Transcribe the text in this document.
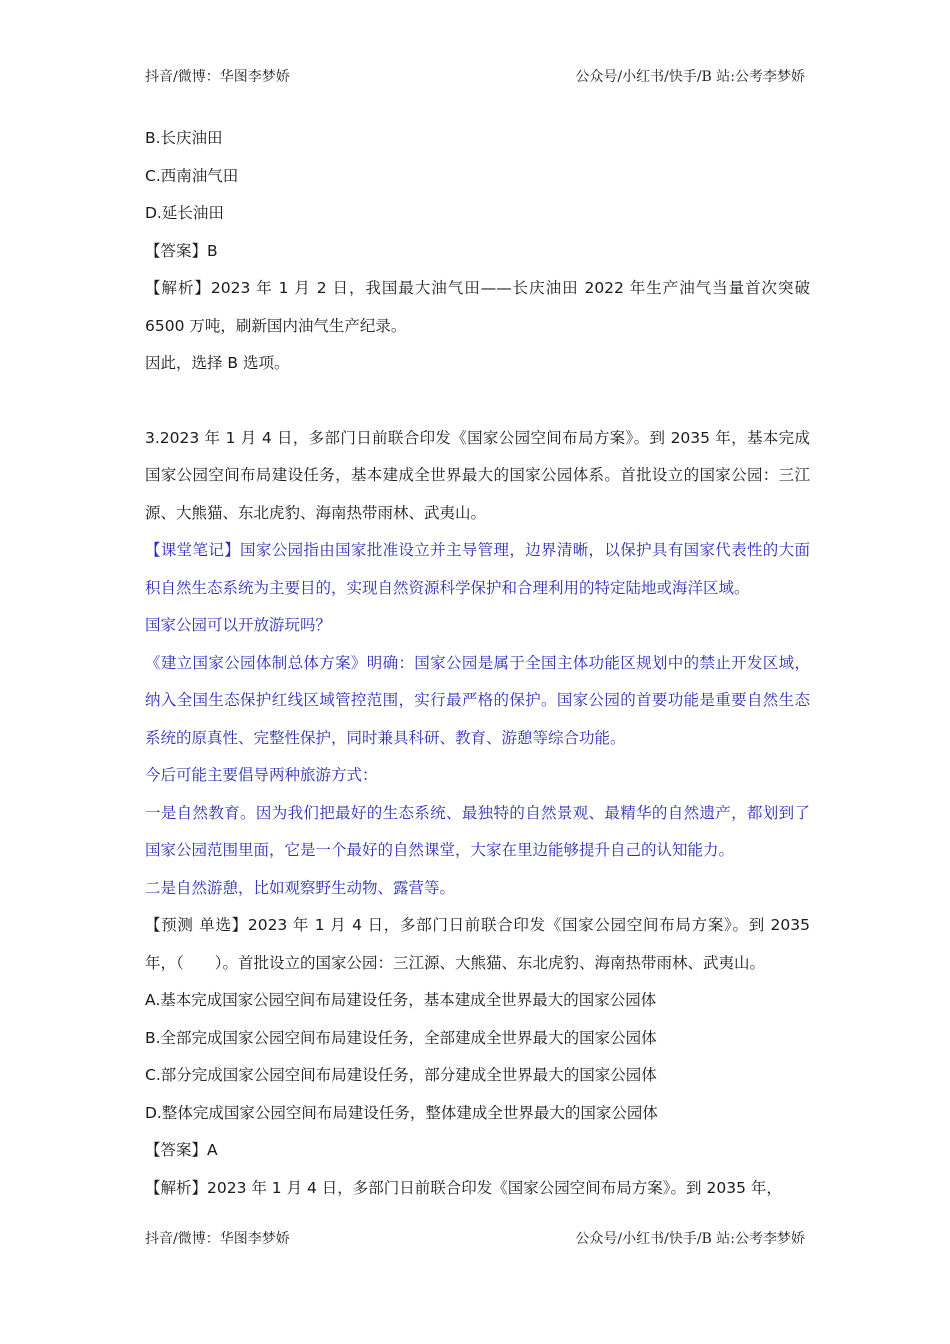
抖音/微博：华图李梦娇	公众号/小红书/快手/B 站:公考李梦娇

B.长庆油田

C.西南油气田

D.延长油田

【答案】B

【解析】2023 年 1 月 2 日，我国最大油气田——长庆油田 2022 年生产油气当量首次突破 6500 万吨，刷新国内油气生产纪录。

因此，选择 B 选项。

3.2023 年 1 月 4 日，多部门日前联合印发《国家公园空间布局方案》。到 2035 年，基本完成国家公园空间布局建设任务，基本建成全世界最大的国家公园体系。首批设立的国家公园：三江源、大熊猫、东北虎豹、海南热带雨林、武夷山。

【课堂笔记】国家公园指由国家批准设立并主导管理，边界清晰，以保护具有国家代表性的大面积自然生态系统为主要目的，实现自然资源科学保护和合理利用的特定陆地或海洋区域。

国家公园可以开放游玩吗？

《建立国家公园体制总体方案》明确：国家公园是属于全国主体功能区规划中的禁止开发区域，纳入全国生态保护红线区域管控范围，实行最严格的保护。国家公园的首要功能是重要自然生态系统的原真性、完整性保护，同时兼具科研、教育、游憩等综合功能。

今后可能主要倡导两种旅游方式：

一是自然教育。因为我们把最好的生态系统、最独特的自然景观、最精华的自然遗产，都划到了国家公园范围里面，它是一个最好的自然课堂，大家在里边能够提升自己的认知能力。

二是自然游憩，比如观察野生动物、露营等。

【预测 单选】2023 年 1 月 4 日，多部门日前联合印发《国家公园空间布局方案》。到 2035 年，（　　）。首批设立的国家公园：三江源、大熊猫、东北虎豹、海南热带雨林、武夷山。

A.基本完成国家公园空间布局建设任务，基本建成全世界最大的国家公园体

B.全部完成国家公园空间布局建设任务，全部建成全世界最大的国家公园体

C.部分完成国家公园空间布局建设任务，部分建成全世界最大的国家公园体

D.整体完成国家公园空间布局建设任务，整体建成全世界最大的国家公园体

【答案】A

【解析】2023 年 1 月 4 日，多部门日前联合印发《国家公园空间布局方案》。到 2035 年，

抖音/微博：华图李梦娇	公众号/小红书/快手/B 站:公考李梦娇
